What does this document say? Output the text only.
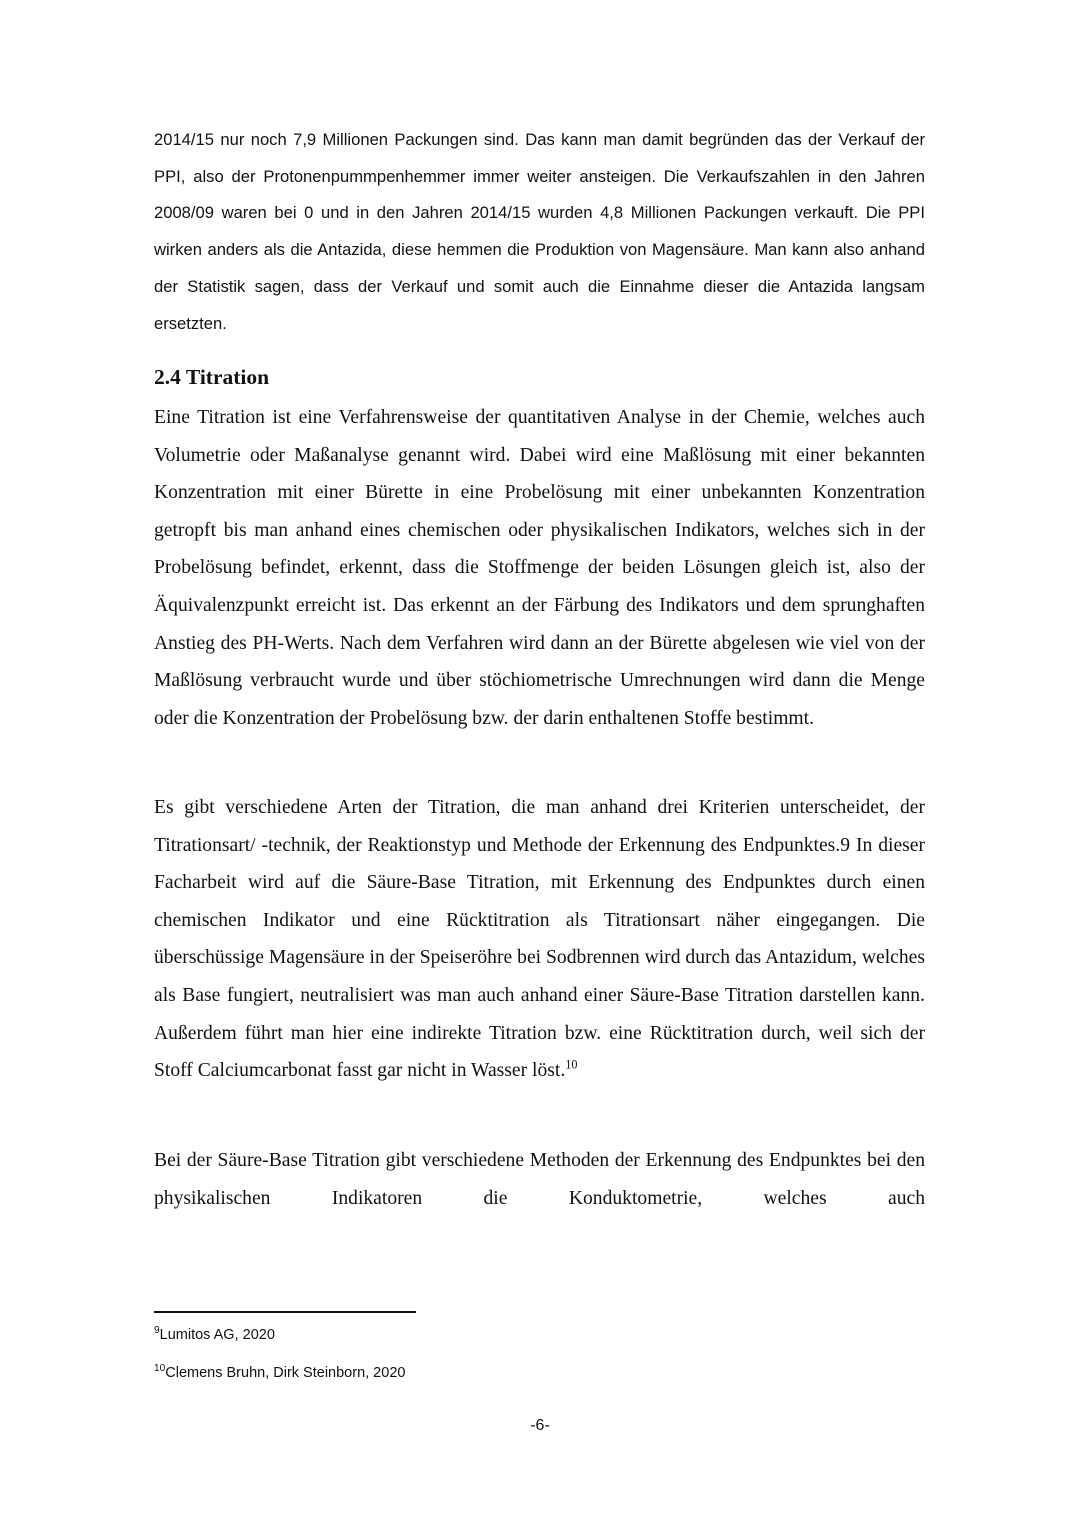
2014/15 nur noch 7,9 Millionen Packungen sind. Das kann man damit begründen das der Verkauf der PPI, also der Protonenpummpenhemmer immer weiter ansteigen. Die Verkaufszahlen in den Jahren 2008/09 waren bei 0 und in den Jahren 2014/15 wurden 4,8 Millionen Packungen verkauft. Die PPI wirken anders als die Antazida, diese hemmen die Produktion von Magensäure. Man kann also anhand der Statistik sagen, dass der Verkauf und somit auch die Einnahme dieser die Antazida langsam ersetzten.

2.4 Titration

Eine Titration ist eine Verfahrensweise der quantitativen Analyse in der Chemie, welches auch Volumetrie oder Maßanalyse genannt wird. Dabei wird eine Maßlösung mit einer bekannten Konzentration mit einer Bürette in eine Probelösung mit einer unbekannten Konzentration getropft bis man anhand eines chemischen oder physikalischen Indikators, welches sich in der Probelösung befindet, erkennt, dass die Stoffmenge der beiden Lösungen gleich ist, also der Äquivalenzpunkt erreicht ist. Das erkennt an der Färbung des Indikators und dem sprunghaften Anstieg des PH-Werts. Nach dem Verfahren wird dann an der Bürette abgelesen wie viel von der Maßlösung verbraucht wurde und über stöchiometrische Umrechnungen wird dann die Menge oder die Konzentration der Probelösung bzw. der darin enthaltenen Stoffe bestimmt.

Es gibt verschiedene Arten der Titration, die man anhand drei Kriterien unterscheidet, der Titrationsart/ -technik, der Reaktionstyp und Methode der Erkennung des Endpunktes.9 In dieser Facharbeit wird auf die Säure-Base Titration, mit Erkennung des Endpunktes durch einen chemischen Indikator und eine Rücktitration als Titrationsart näher eingegangen. Die überschüssige Magensäure in der Speiseröhre bei Sodbrennen wird durch das Antazidum, welches als Base fungiert, neutralisiert was man auch anhand einer Säure-Base Titration darstellen kann. Außerdem führt man hier eine indirekte Titration bzw. eine Rücktitration durch, weil sich der Stoff Calciumcarbonat fasst gar nicht in Wasser löst.$^{10}$

Bei der Säure-Base Titration gibt verschiedene Methoden der Erkennung des Endpunktes bei den physikalischen Indikatoren die Konduktometrie, welches auch

$^9$Lumitos AG, 2020

$^{10}$Clemens Bruhn, Dirk Steinborn, 2020

-6-
